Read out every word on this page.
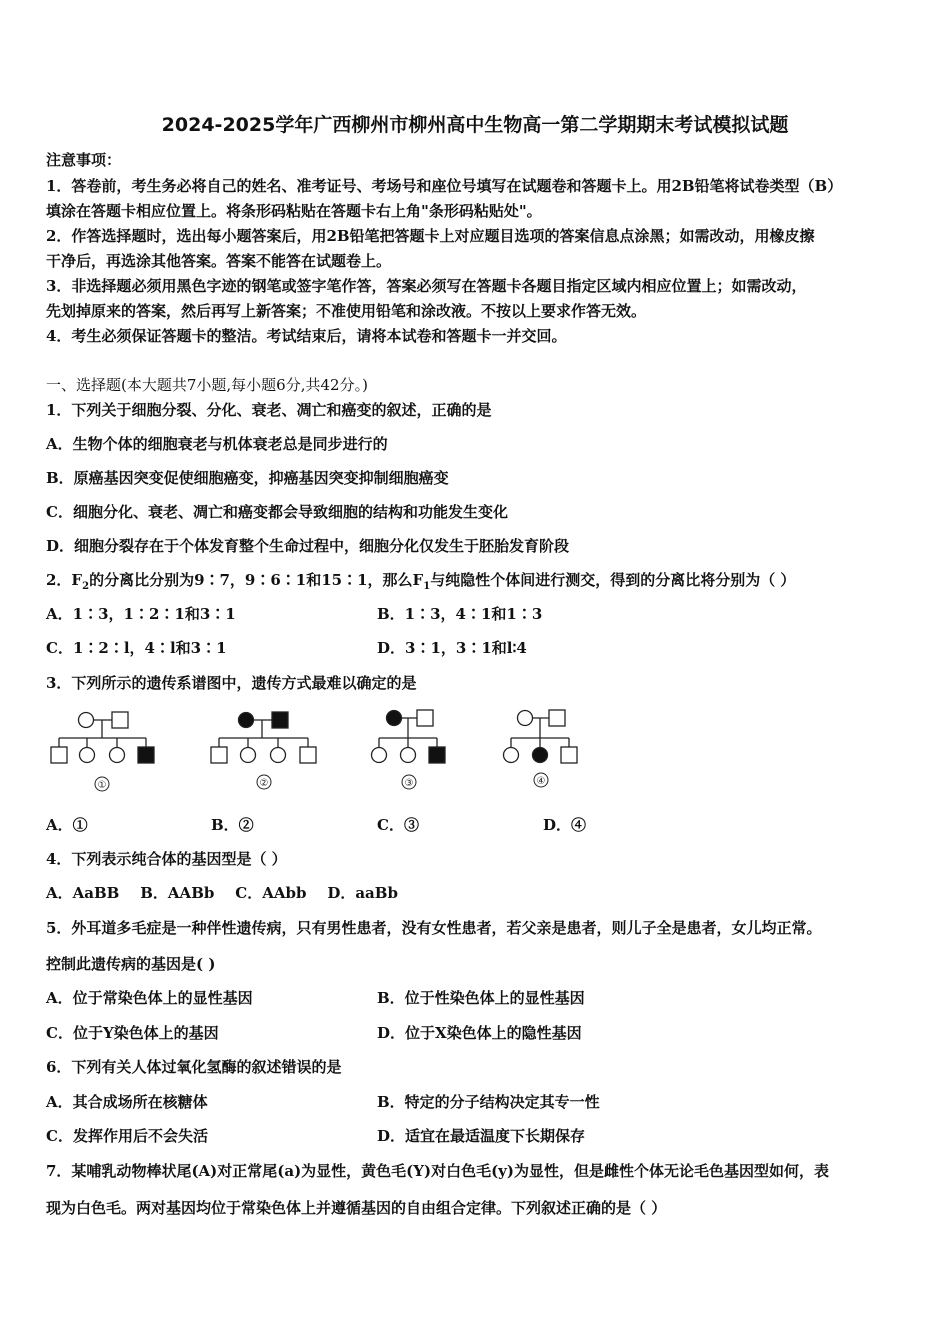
2024-2025学年广西柳州市柳州高中生物高一第二学期期末考试模拟试题
注意事项：
1．答卷前，考生务必将自己的姓名、准考证号、考场号和座位号填写在试题卷和答题卡上。用2B铅笔将试卷类型（B）
填涂在答题卡相应位置上。将条形码粘贴在答题卡右上角"条形码粘贴处"。
2．作答选择题时，选出每小题答案后，用2B铅笔把答题卡上对应题目选项的答案信息点涂黑；如需改动，用橡皮擦
干净后，再选涂其他答案。答案不能答在试题卷上。
3．非选择题必须用黑色字迹的钢笔或签字笔作答，答案必须写在答题卡各题目指定区域内相应位置上；如需改动，
先划掉原来的答案，然后再写上新答案；不准使用铅笔和涂改液。不按以上要求作答无效。
4．考生必须保证答题卡的整洁。考试结束后，请将本试卷和答题卡一并交回。
一、选择题(本大题共7小题,每小题6分,共42分。)
1．下列关于细胞分裂、分化、衰老、凋亡和癌变的叙述，正确的是
A．生物个体的细胞衰老与机体衰老总是同步进行的
B．原癌基因突变促使细胞癌变，抑癌基因突变抑制细胞癌变
C．细胞分化、衰老、凋亡和癌变都会导致细胞的结构和功能发生变化
D．细胞分裂存在于个体发育整个生命过程中，细胞分化仅发生于胚胎发育阶段
2．$F_2$的分离比分别为9∶7，9∶6∶1和15∶1，那么$F_1$与纯隐性个体间进行测交，得到的分离比将分别为（ ）
A．1∶3，1∶2∶1和3∶1	B．1∶3，4∶1和1∶3
C．1∶2∶l，4∶l和3∶1	D．3∶1，3∶1和l∶4
3．下列所示的遗传系谱图中，遗传方式最难以确定的是
①	②	③	④
A．①	B．②	C．③	D．④
4．下列表示纯合体的基因型是（ ）
A．AaBB    B．AABb    C．AAbb    D．aaBb
5．外耳道多毛症是一种伴性遗传病，只有男性患者，没有女性患者，若父亲是患者，则儿子全是患者，女儿均正常。
控制此遗传病的基因是( )
A．位于常染色体上的显性基因	B．位于性染色体上的显性基因
C．位于Y染色体上的基因	D．位于X染色体上的隐性基因
6．下列有关人体过氧化氢酶的叙述错误的是
A．其合成场所在核糖体	B．特定的分子结构决定其专一性
C．发挥作用后不会失活	D．适宜在最适温度下长期保存
7．某哺乳动物棒状尾(A)对正常尾(a)为显性，黄色毛(Y)对白色毛(y)为显性，但是雌性个体无论毛色基因型如何，表
现为白色毛。两对基因均位于常染色体上并遵循基因的自由组合定律。下列叙述正确的是（ ）
